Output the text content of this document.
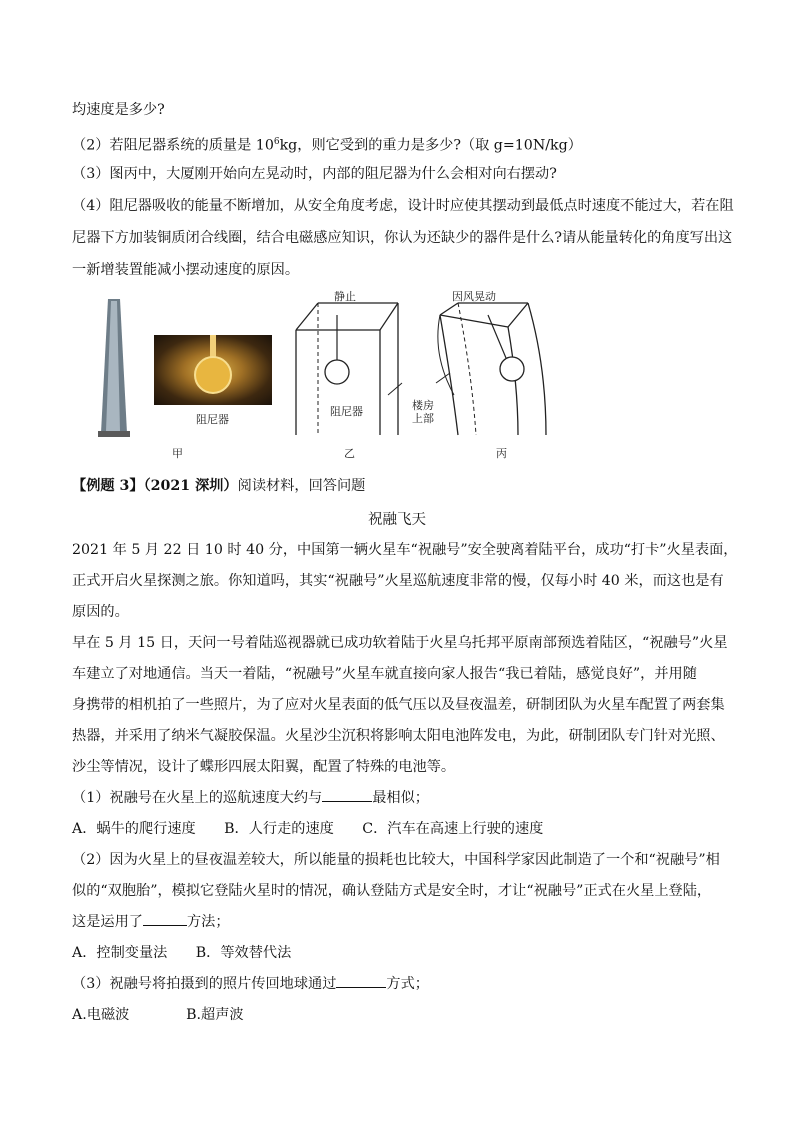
均速度是多少?
（2）若阻尼器系统的质量是 $10^6kg$，则它受到的重力是多少?（取 g=10N/kg）
（3）图丙中，大厦刚开始向左晃动时，内部的阻尼器为什么会相对向右摆动?
（4）阻尼器吸收的能量不断增加，从安全角度考虑，设计时应使其摆动到最低点时速度不能过大，若在阻
尼器下方加装铜质闭合线圈，结合电磁感应知识，你认为还缺少的器件是什么?请从能量转化的角度写出这
一新增装置能减小摆动速度的原因。
阻尼器
静止
阻尼器	楼房
上部
因风晃动
甲	乙	丙
【例题 3】（2021 深圳）阅读材料，回答问题
祝融飞天
2021 年 5 月 22 日 10 时 40 分，中国第一辆火星车“祝融号”安全驶离着陆平台，成功“打卡”火星表面，
正式开启火星探测之旅。你知道吗，其实“祝融号”火星巡航速度非常的慢，仅每小时 40 米，而这也是有
原因的。
早在 5 月 15 日，天问一号着陆巡视器就已成功软着陆于火星乌托邦平原南部预选着陆区，“祝融号”火星
车建立了对地通信。当天一着陆，“祝融号”火星车就直接向家人报告“我已着陆，感觉良好”，并用随
身携带的相机拍了一些照片，为了应对火星表面的低气压以及昼夜温差，研制团队为火星车配置了两套集
热器，并采用了纳米气凝胶保温。火星沙尘沉积将影响太阳电池阵发电，为此，研制团队专门针对光照、
沙尘等情况，设计了蝶形四展太阳翼，配置了特殊的电池等。
（1）祝融号在火星上的巡航速度大约与	最相似；
A．蜗牛的爬行速度　　B．人行走的速度　　C．汽车在高速上行驶的速度
（2）因为火星上的昼夜温差较大，所以能量的损耗也比较大，中国科学家因此制造了一个和“祝融号”相
似的“双胞胎”，模拟它登陆火星时的情况，确认登陆方式是安全时，才让“祝融号”正式在火星上登陆，
这是运用了	方法；
A．控制变量法　　B．等效替代法
（3）祝融号将拍摄到的照片传回地球通过	方式；
A.电磁波　　　　B.超声波
